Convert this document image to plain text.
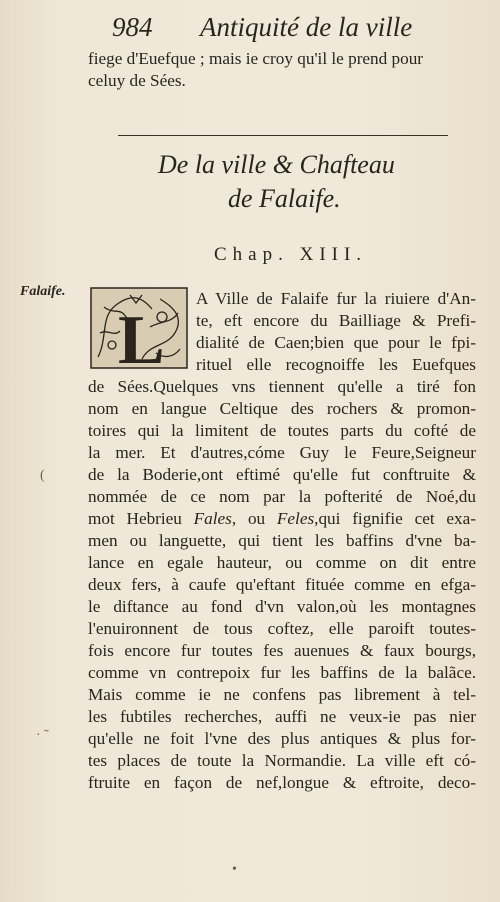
984 Antiquité de la ville
fiege d'Euefque ; mais ie croy qu'il le prend pour
celuy de Sées.
De la ville & Chafteau
de Falaife.
Chap. XIII.
Falaife.
L
A Ville de Falaife fur la riuiere d'An-
te, eft encore du Bailliage & Prefi-
dialité de Caen;bien que pour le fpi-
rituel elle recognoiffe les Euefques
de Sées.Quelques vns tiennent qu'elle a tiré fon
nom en langue Celtique des rochers & promon-
toires qui la limitent de toutes parts du cofté de
la mer. Et d'autres,cóme Guy le Feure,Seigneur
de la Boderie,ont eftimé qu'elle fut conftruite &
nommée de ce nom par la pofterité de Noé,du
mot Hebrieu Fales, ou Feles,qui fignifie cet exa-
men ou languette, qui tient les baffins d'vne ba-
lance en egale hauteur, ou comme on dit entre
deux fers, à caufe qu'eftant fituée comme en efga-
le diftance au fond d'vn valon,où les montagnes
l'enuironnent de tous coftez, elle paroift toutes-
fois encore fur toutes fes auenues & faux bourgs,
comme vn contrepoix fur les baffins de la balãce.
Mais comme ie ne confens pas librement à tel-
les fubtiles recherches, auffi ne veux-ie pas nier
qu'elle ne foit l'vne des plus antiques & plus for-
tes places de toute la Normandie. La ville eft có-
ftruite en façon de nef,longue & eftroite, deco-
(
· ˜
•
